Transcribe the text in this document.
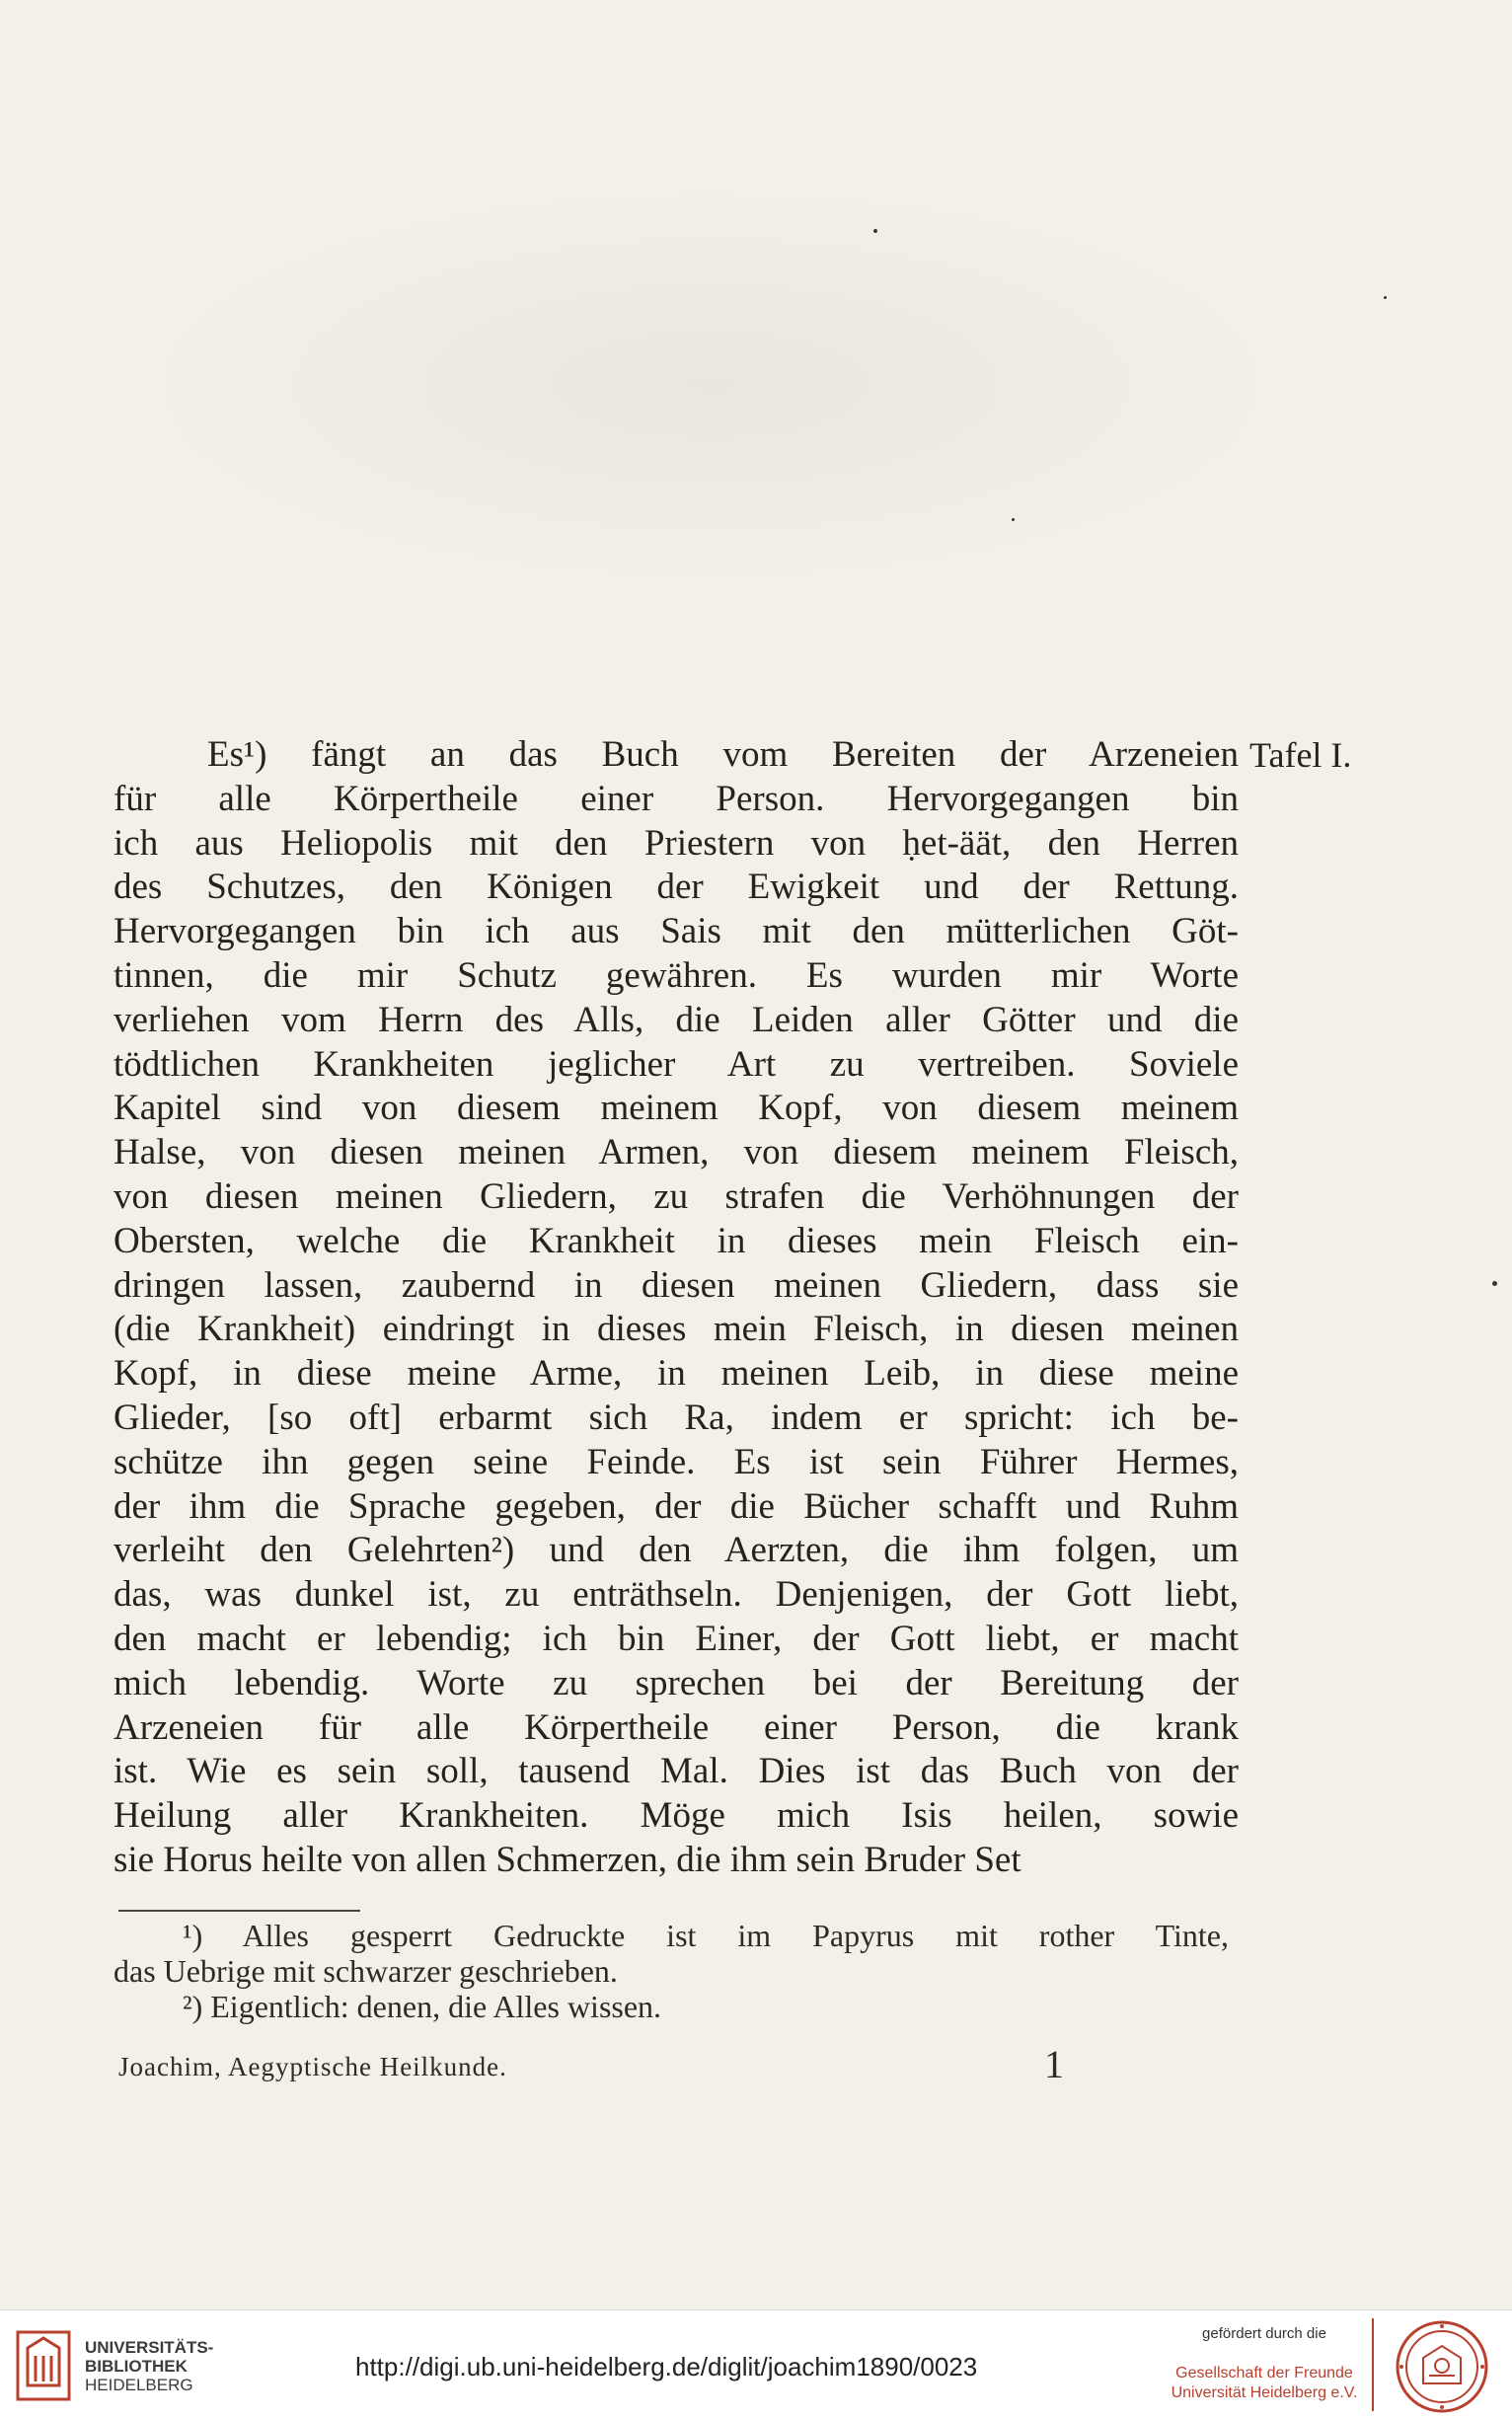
Es¹) fängt an das Buch vom Bereiten der Arzeneien
für alle Körpertheile einer Person. Hervorgegangen bin
ich aus Heliopolis mit den Priestern von ḥet-äät, den Herren
des Schutzes, den Königen der Ewigkeit und der Rettung.
Hervorgegangen bin ich aus Sais mit den mütterlichen Göt-
tinnen, die mir Schutz gewähren. Es wurden mir Worte
verliehen vom Herrn des Alls, die Leiden aller Götter und die
tödtlichen Krankheiten jeglicher Art zu vertreiben. Soviele
Kapitel sind von diesem meinem Kopf, von diesem meinem
Halse, von diesen meinen Armen, von diesem meinem Fleisch,
von diesen meinen Gliedern, zu strafen die Verhöhnungen der
Obersten, welche die Krankheit in dieses mein Fleisch ein-
dringen lassen, zaubernd in diesen meinen Gliedern, dass sie
(die Krankheit) eindringt in dieses mein Fleisch, in diesen meinen
Kopf, in diese meine Arme, in meinen Leib, in diese meine
Glieder, [so oft] erbarmt sich Ra, indem er spricht: ich be-
schütze ihn gegen seine Feinde. Es ist sein Führer Hermes,
der ihm die Sprache gegeben, der die Bücher schafft und Ruhm
verleiht den Gelehrten²) und den Aerzten, die ihm folgen, um
das, was dunkel ist, zu enträthseln. Denjenigen, der Gott liebt,
den macht er lebendig; ich bin Einer, der Gott liebt, er macht
mich lebendig. Worte zu sprechen bei der Bereitung der
Arzeneien für alle Körpertheile einer Person, die krank
ist. Wie es sein soll, tausend Mal. Dies ist das Buch von der
Heilung aller Krankheiten. Möge mich Isis heilen, sowie
sie Horus heilte von allen Schmerzen, die ihm sein Bruder Set
Tafel I.
¹) Alles gesperrt Gedruckte ist im Papyrus mit rother Tinte,
das Uebrige mit schwarzer geschrieben.
²) Eigentlich: denen, die Alles wissen.
Joachim, Aegyptische Heilkunde.	1
UNIVERSITÄTS-
BIBLIOTHEK
HEIDELBERG
http://digi.ub.uni-heidelberg.de/diglit/joachim1890/0023
gefördert durch die
Gesellschaft der Freunde
Universität Heidelberg e.V.
